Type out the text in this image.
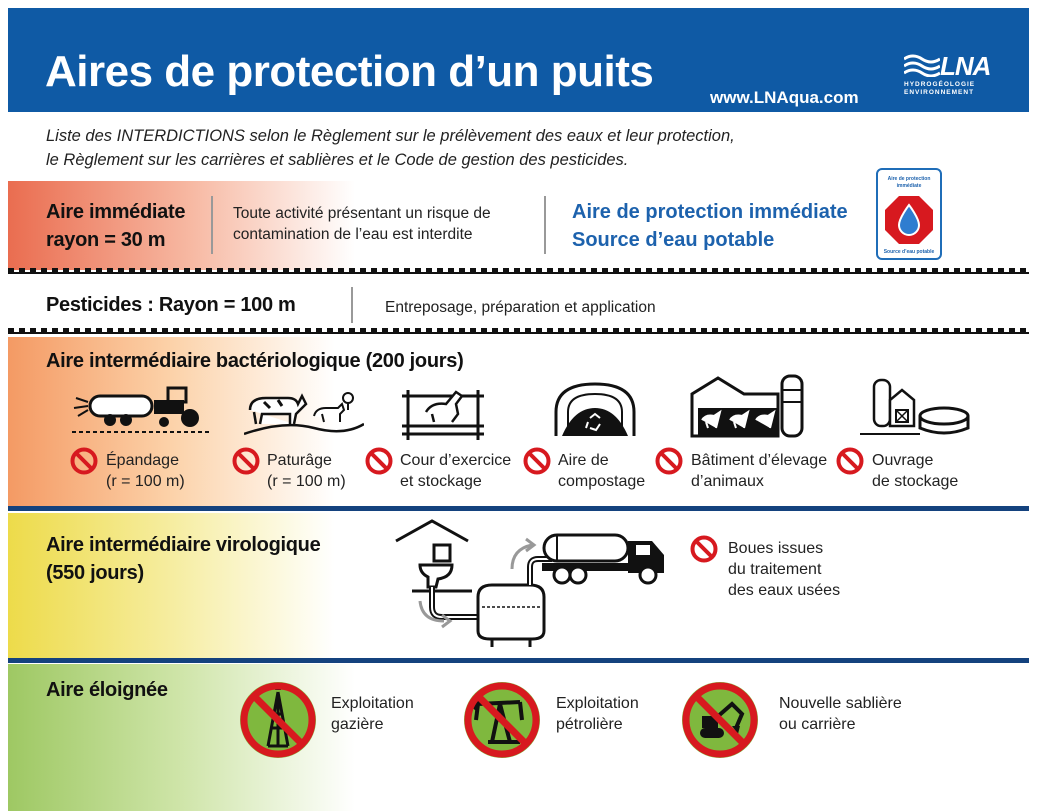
Aires de protection d’un puits
www.LNAqua.com
LNA
HYDROGÉOLOGIE
ENVIRONNEMENT
Liste des INTERDICTIONS selon le Règlement sur le prélèvement des eaux et leur protection,
le Règlement sur les carrières et sablières et le Code de gestion des pesticides.
Aire immédiate
rayon = 30 m
Toute activité présentant un risque de
contamination de l’eau est interdite
Aire de protection immédiate
Source d’eau potable
Aire de protection
immédiate
Source d’eau potable
Pesticides : Rayon = 100 m	Entreposage, préparation et application
Aire intermédiaire bactériologique (200 jours)
Épandage
(r = 100 m)
Paturâge
(r = 100 m)
Cour d’exercice
et stockage
Aire de
compostage
Bâtiment d’élevage
d’animaux
Ouvrage
de stockage
Aire intermédiaire virologique
(550 jours)
Boues issues
du traitement
des eaux usées
Aire éloignée
Exploitation
gazière
Exploitation
pétrolière
Nouvelle sablière
ou carrière
